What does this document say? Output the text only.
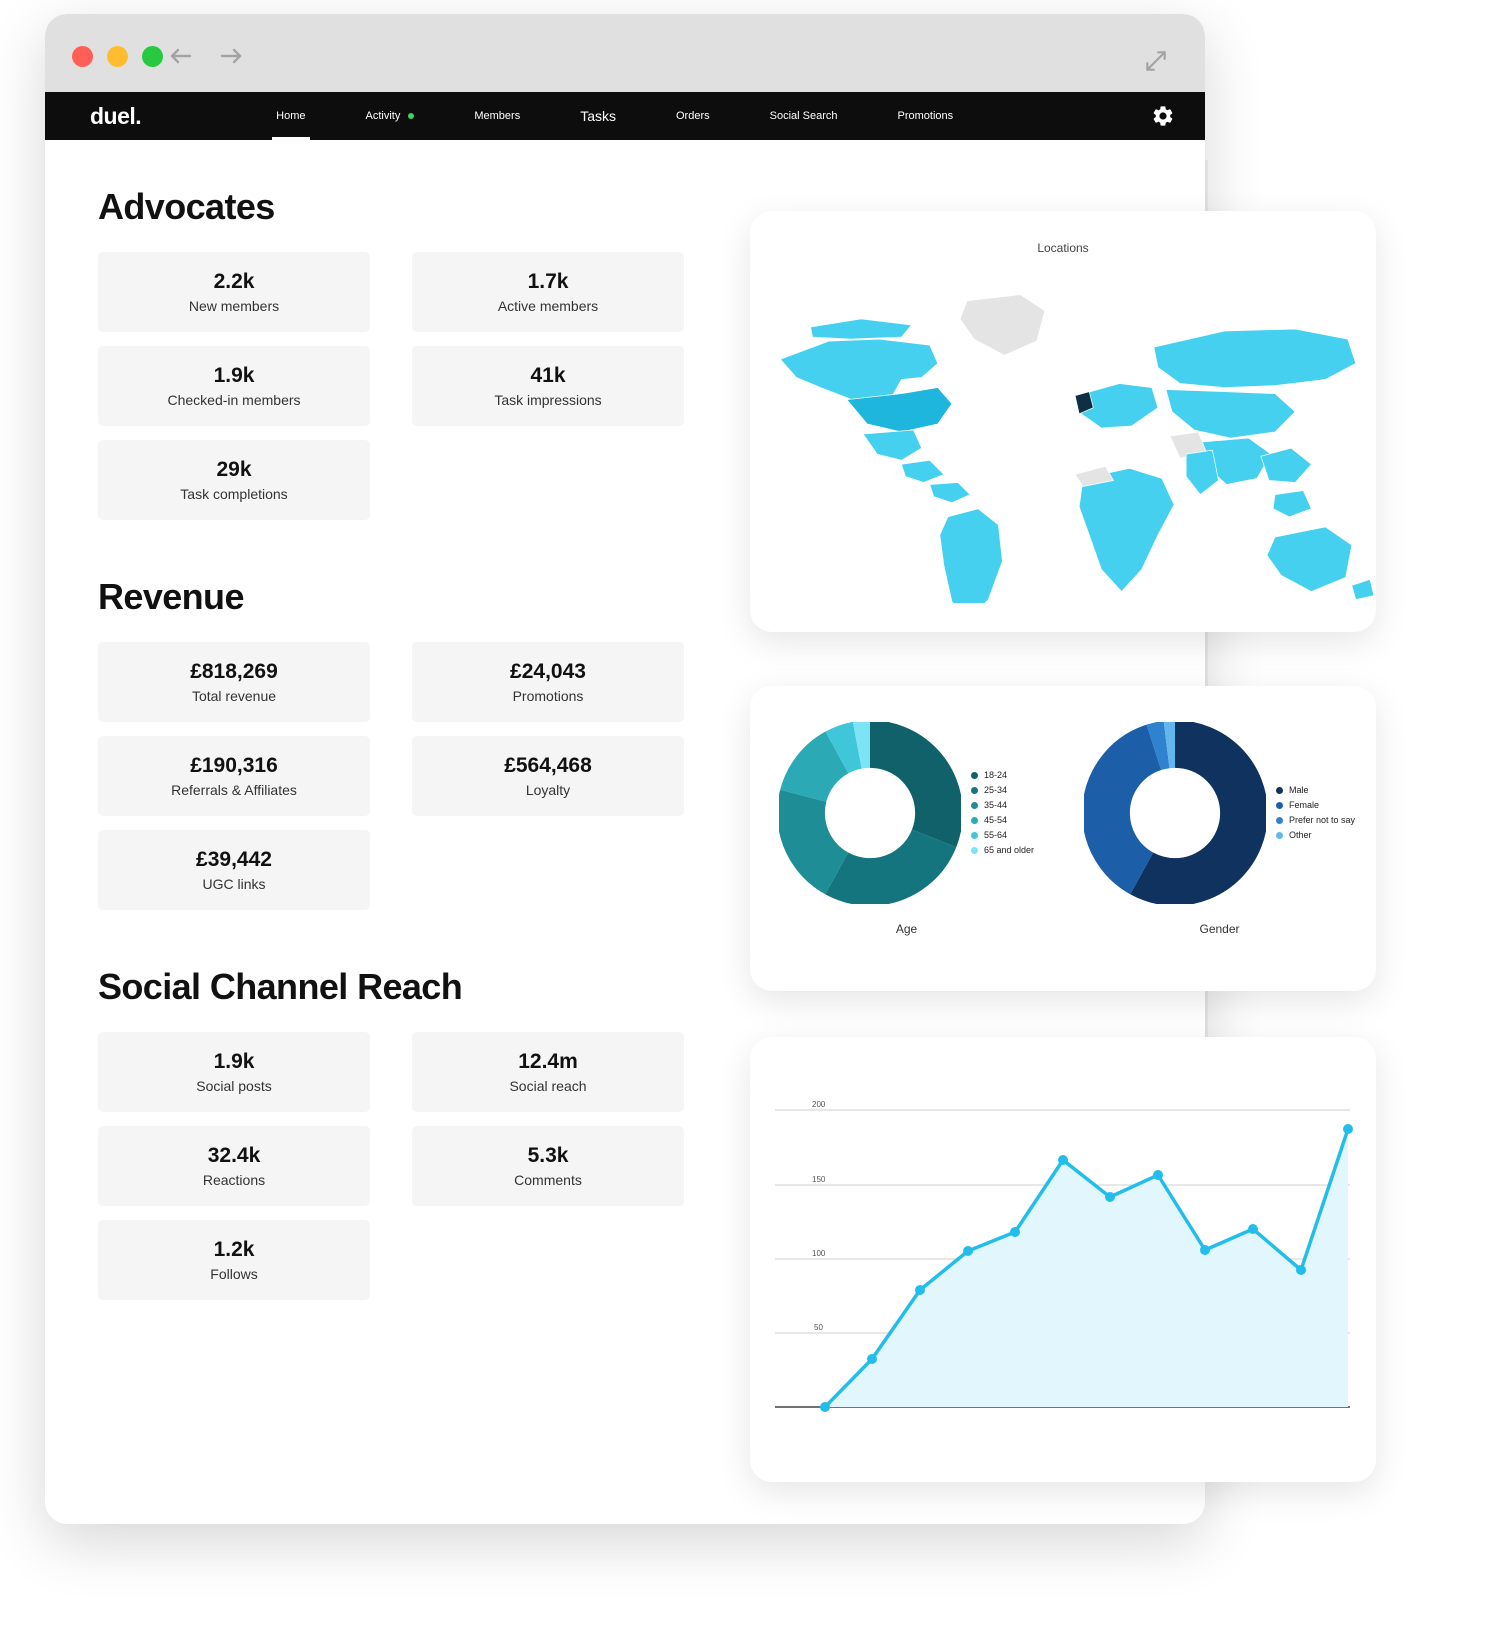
duel.	Home	Activity	Members	Tasks	Orders	Social Search	Promotions
Advocates
2.2k
New members
1.7k
Active members
1.9k
Checked-in members
41k
Task impressions
29k
Task completions
Revenue
£818,269
Total revenue
£24,043
Promotions
£190,316
Referrals & Affiliates
£564,468
Loyalty
£39,442
UGC links
Social Channel Reach
1.9k
Social posts
12.4m
Social reach
32.4k
Reactions
5.3k
Comments
1.2k
Follows
Locations
18-24
25-34
35-44
45-54
55-64
65 and older
Age
Male
Female
Prefer not to say
Other
Gender
200
150
100
50
